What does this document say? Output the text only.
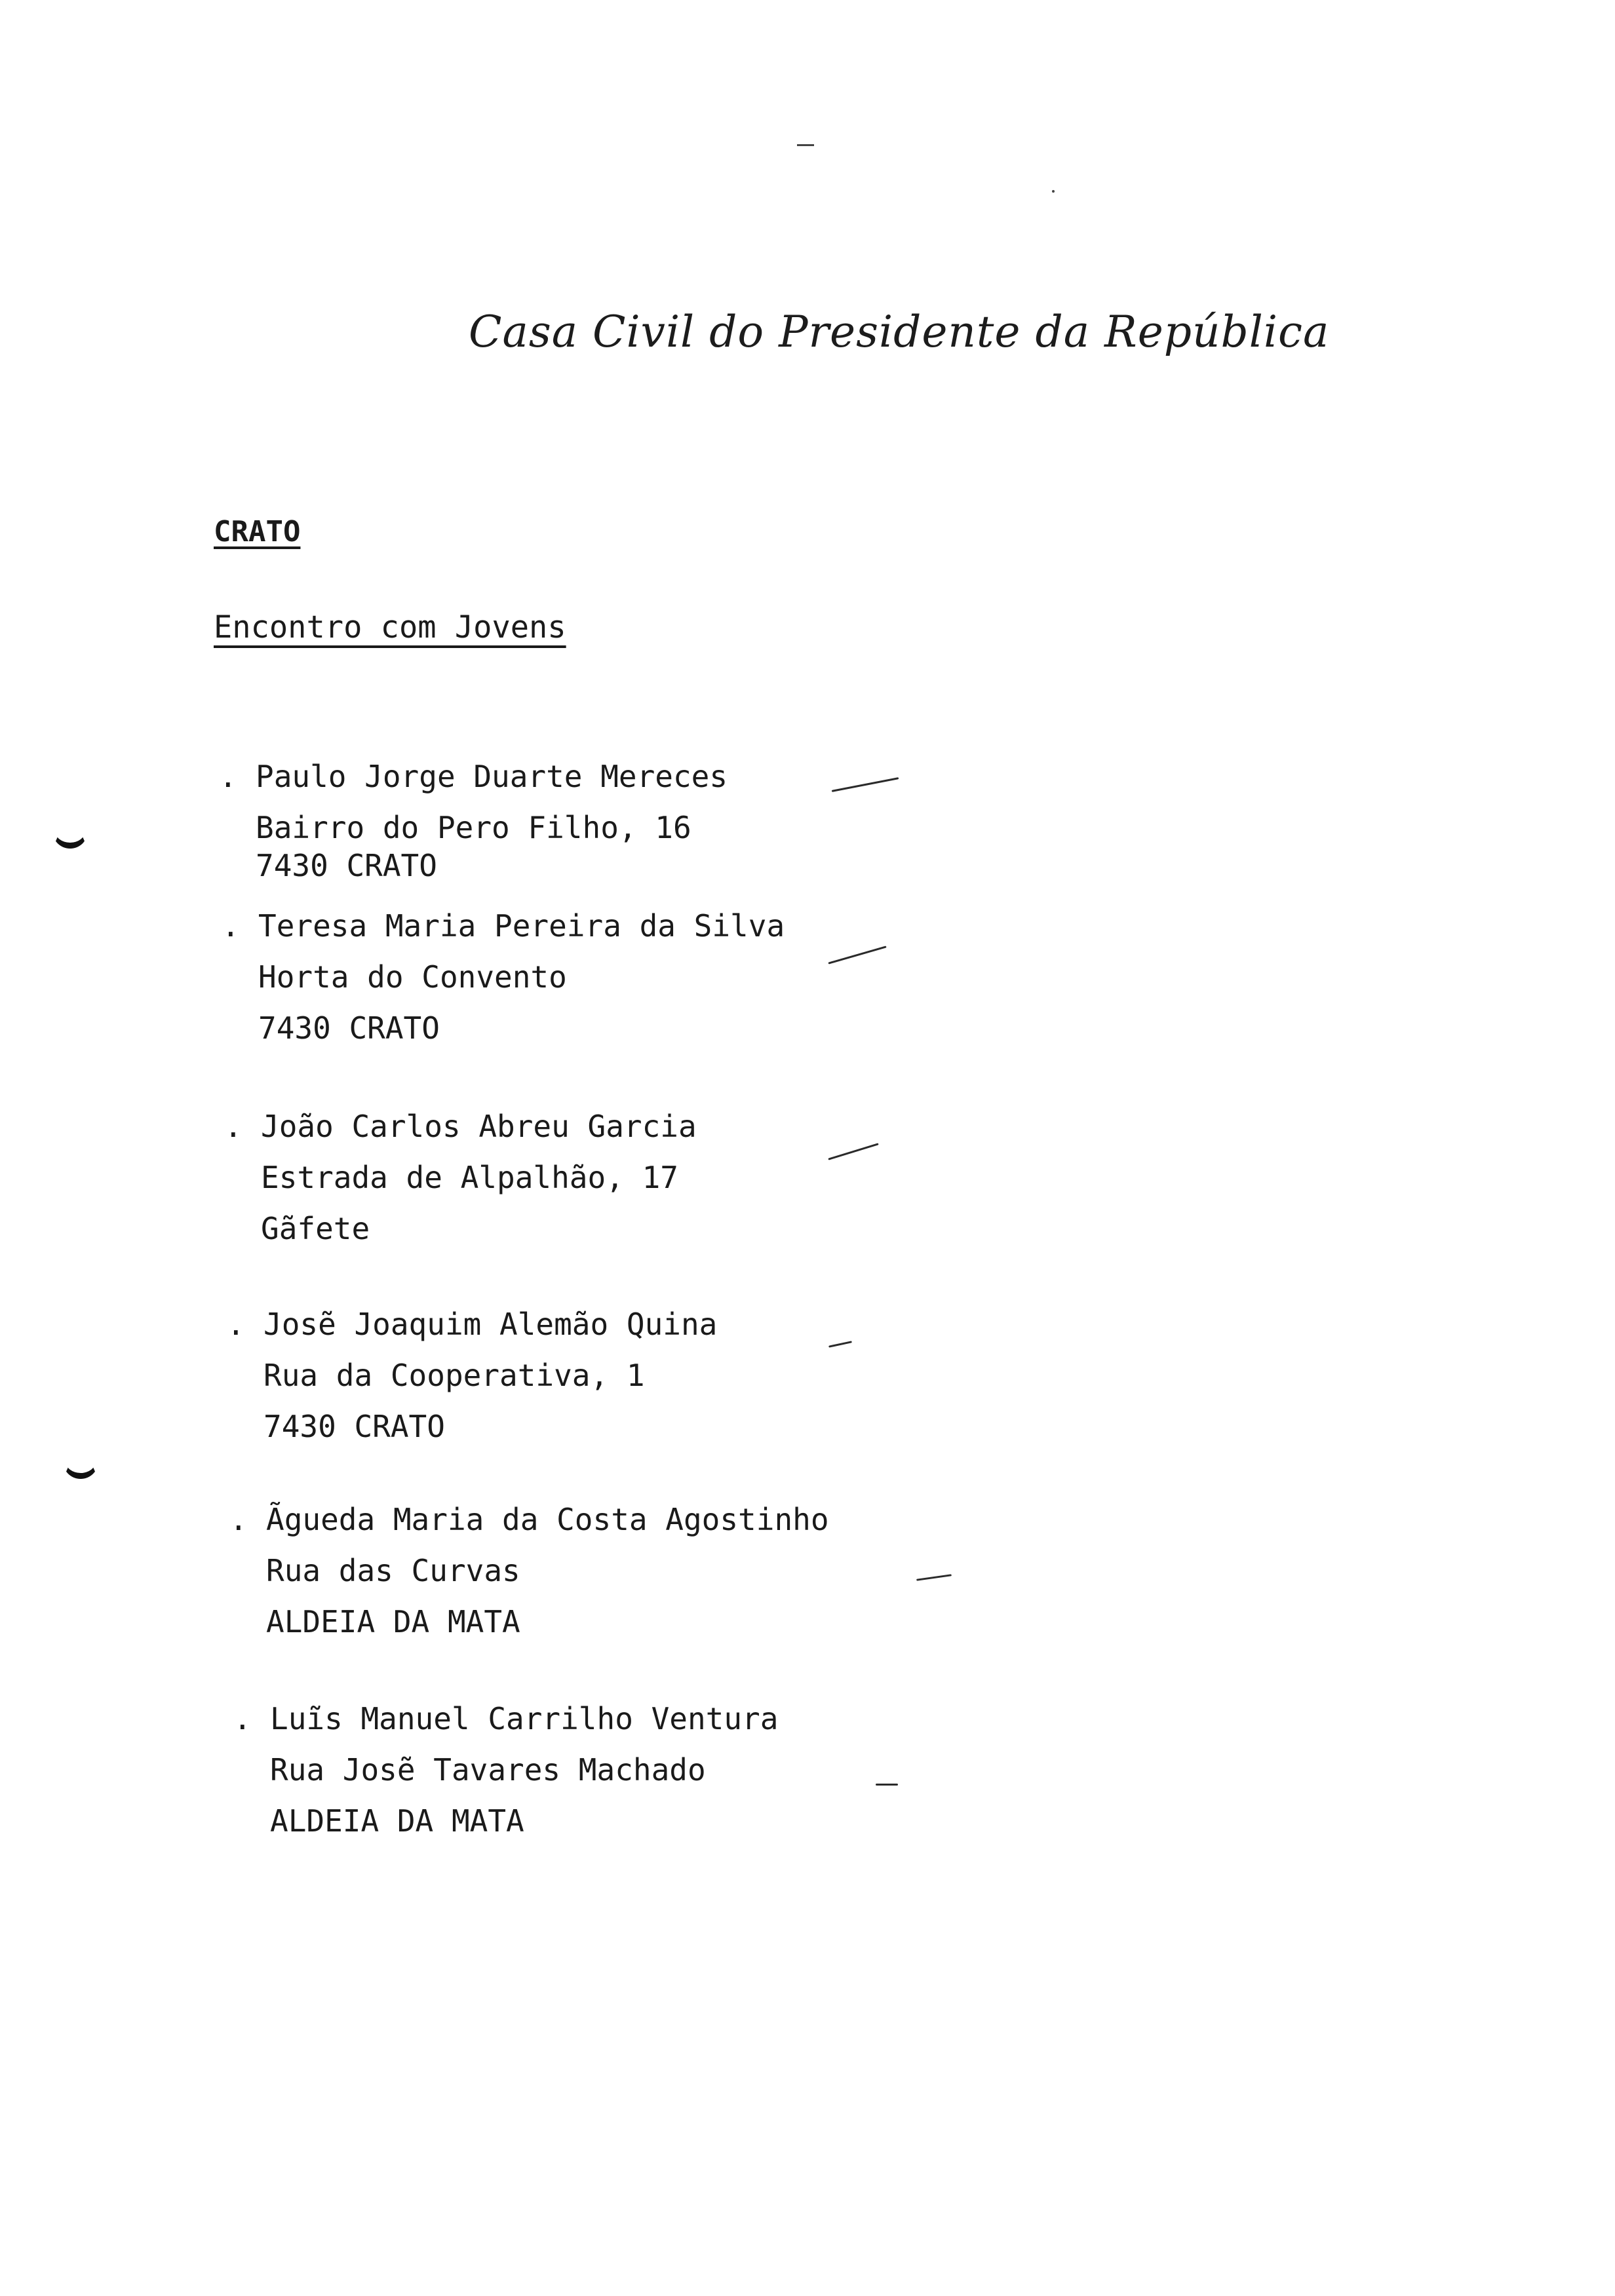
Casa Civil do Presidente da República
CRATO
Encontro com Jovens
. Paulo Jorge Duarte Mereces
Bairro do Pero Filho, 16
7430 CRATO
. Teresa Maria Pereira da Silva
Horta do Convento
7430 CRATO
. João Carlos Abreu Garcia
Estrada de Alpalhão, 17
Gãfete
. Josẽ Joaquim Alemão Quina
Rua da Cooperativa, 1
7430 CRATO
. Ãgueda Maria da Costa Agostinho
Rua das Curvas
ALDEIA DA MATA
. Luĩs Manuel Carrilho Ventura
Rua Josẽ Tavares Machado
ALDEIA DA MATA
